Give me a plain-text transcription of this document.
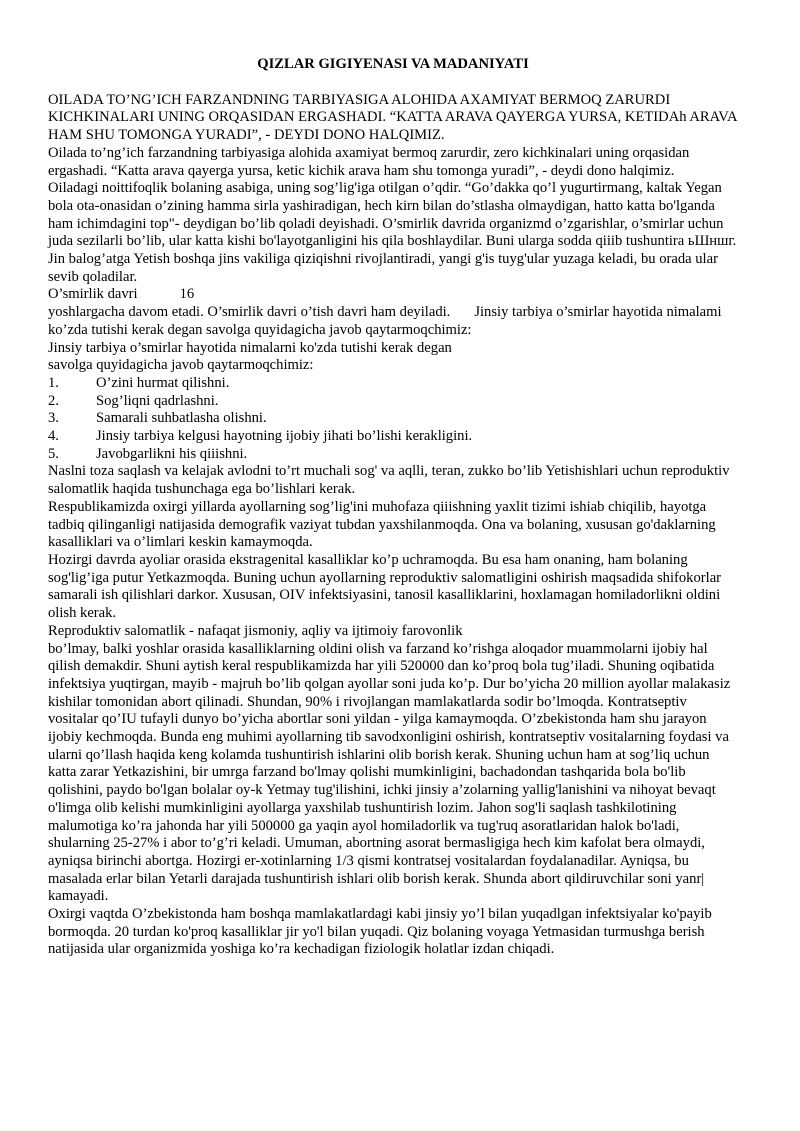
QIZLAR GIGIYENASI VA MADANIYATI

OILADA TO’NG’ICH FARZANDNING TARBIYASIGA ALOHIDA AXAMIYAT BERMOQ ZARURDI KICHKINALARI UNING ORQASIDAN ERGASHADI. “KATTA ARAVA QAYERGA YURSA, KETIDAh ARAVA HAM SHU TOMONGA YURADI”, - DEYDI DONO HALQIMIZ.

Oilada to’ng’ich farzandning tarbiyasiga alohida axamiyat bermoq zarurdir, zero kichkinalari uning orqasidan ergashadi. “Katta arava qayerga yursa, ketic kichik arava ham shu tomonga yuradi”, - deydi dono halqimiz.

Oiladagi noittifoqlik bolaning asabiga, uning sog’lig'iga otilgan o’qdir. “Go’dakka qo’l yugurtirmang, kaltak Yegan bola ota-onasidan o’zining hamma sirla yashiradigan, hech kirn bilan do’stlasha olmaydigan, hatto katta bo'lganda ham ichimdagini top"- deydigan bo’lib qoladi deyishadi. O’smirlik davrida organizmd o’zgarishlar, o’smirlar uchun juda sezilarli bo’lib, ular katta kishi bo'layotganligini his qila boshlaydilar. Buni ularga sodda qiiib tushuntira ьШншг. Jin balog’atga Yetish boshqa jins vakiliga qiziqishni rivojlantiradi, yangi g'is tuyg'ular yuzaga keladi, bu orada ular sevib qoladilar.

O’smirlik davri	16

yoshlargacha davom etadi. O’smirlik davri o’tish davri ham deyiladi. Jinsiy tarbiya o’smirlar hayotida nimalami ko’zda tutishi kerak degan savolga quyidagicha javob qaytarmoqchimiz:

Jinsiy tarbiya o’smirlar hayotida nimalarni ko'zda tutishi kerak degan

savolga quyidagicha javob qaytarmoqchimiz:

1.	O’zini hurmat qilishni.
2.	Sog’liqni qadrlashni.
3.	Samarali suhbatlasha olishni.
4.	Jinsiy tarbiya kelgusi hayotning ijobiy jihati bo’lishi kerakligini.
5.	Javobgarlikni his qiiishni.

Naslni toza saqlash va kelajak avlodni to’rt muchali sog' va aqlli, teran, zukko bo’lib Yetishishlari uchun reproduktiv salomatlik haqida tushunchaga ega bo’lishlari kerak.

Respublikamizda oxirgi yillarda ayollarning sog’lig'ini muhofaza qiiishning yaxlit tizimi ishiab chiqilib, hayotga tadbiq qilinganligi natijasida demografik vaziyat tubdan yaxshilanmoqda. Ona va bolaning, xususan go'daklarning kasalliklari va o’limlari keskin kamaymoqda.

Hozirgi davrda ayoliar orasida ekstragenital kasalliklar ko’p uchramoqda. Bu esa ham onaning, ham bolaning sog'lig’iga putur Yetkazmoqda. Buning uchun ayollarning reproduktiv salomatligini oshirish maqsadida shifokorlar samarali ish qilishlari darkor. Xususan, OIV infektsiyasini, tanosil kasalliklarini, hoxlamagan homiladorlikni oldini olish kerak.

Reproduktiv salomatlik - nafaqat jismoniy, aqliy va ijtimoiy farovonlik

bo’lmay, balki yoshlar orasida kasalliklarning oldini olish va farzand ko’rishga aloqador muammolarni ijobiy hal qilish demakdir. Shuni aytish keral respublikamizda har yili 520000 dan ko’proq bola tug’iladi. Shuning oqibatida infektsiya yuqtirgan, mayib - majruh bo’lib qolgan ayollar soni juda ko’p. Dur bo’yicha 20 million ayollar malakasiz kishilar tomonidan abort qilinadi. Shundan, 90% i rivojlangan mamlakatlarda sodir bo’lmoqda. Kontratseptiv vositalar qo’IU tufayli dunyo bo’yicha abortlar soni yildan - yilga kamaymoqda. O’zbekistonda ham shu jarayon ijobiy kechmoqda. Bunda eng muhimi ayollarning tib savodxonligini oshirish, kontratseptiv vositalarning foydasi va ularni qo’llash haqida keng kolamda tushuntirish ishlarini olib borish kerak. Shuning uchun ham at sog’liq uchun katta zarar Yetkazishini, bir umrga farzand bo'lmay qolishi mumkinligini, bachadondan tashqarida bola bo'lib qolishini, paydo bo'lgan bolalar oy-k Yetmay tug'ilishini, ichki jinsiy a’zolarning yallig'lanishini va nihoyat bevaqt o'limga olib kelishi mumkinligini ayollarga yaxshilab tushuntirish lozim. Jahon sog'li saqlash tashkilotining malumotiga ko’ra jahonda har yili 500000 ga yaqin ayol homiladorlik va tug'ruq asoratlaridan halok bo'ladi, shularning 25-27% i abor to’g’ri keladi. Umuman, abortning asorat bermasligiga hech kim kafolat bera olmaydi, ayniqsa birinchi abortga. Hozirgi er-xotinlarning 1/3 qismi kontratsej vositalardan foydalanadilar. Ayniqsa, bu masalada erlar bilan Yetarli darajada tushuntirish ishlari olib borish kerak. Shunda abort qildiruvchilar soni yanr| kamayadi.

Oxirgi vaqtda O’zbekistonda ham boshqa mamlakatlardagi kabi jinsiy yo’l bilan yuqadlgan infektsiyalar ko'payib bormoqda. 20 turdan ko'proq kasalliklar jir yo'l bilan yuqadi. Qiz bolaning voyaga Yetmasidan turmushga berish natijasida ular organizmida yoshiga ko’ra kechadigan fiziologik holatlar izdan chiqadi.
